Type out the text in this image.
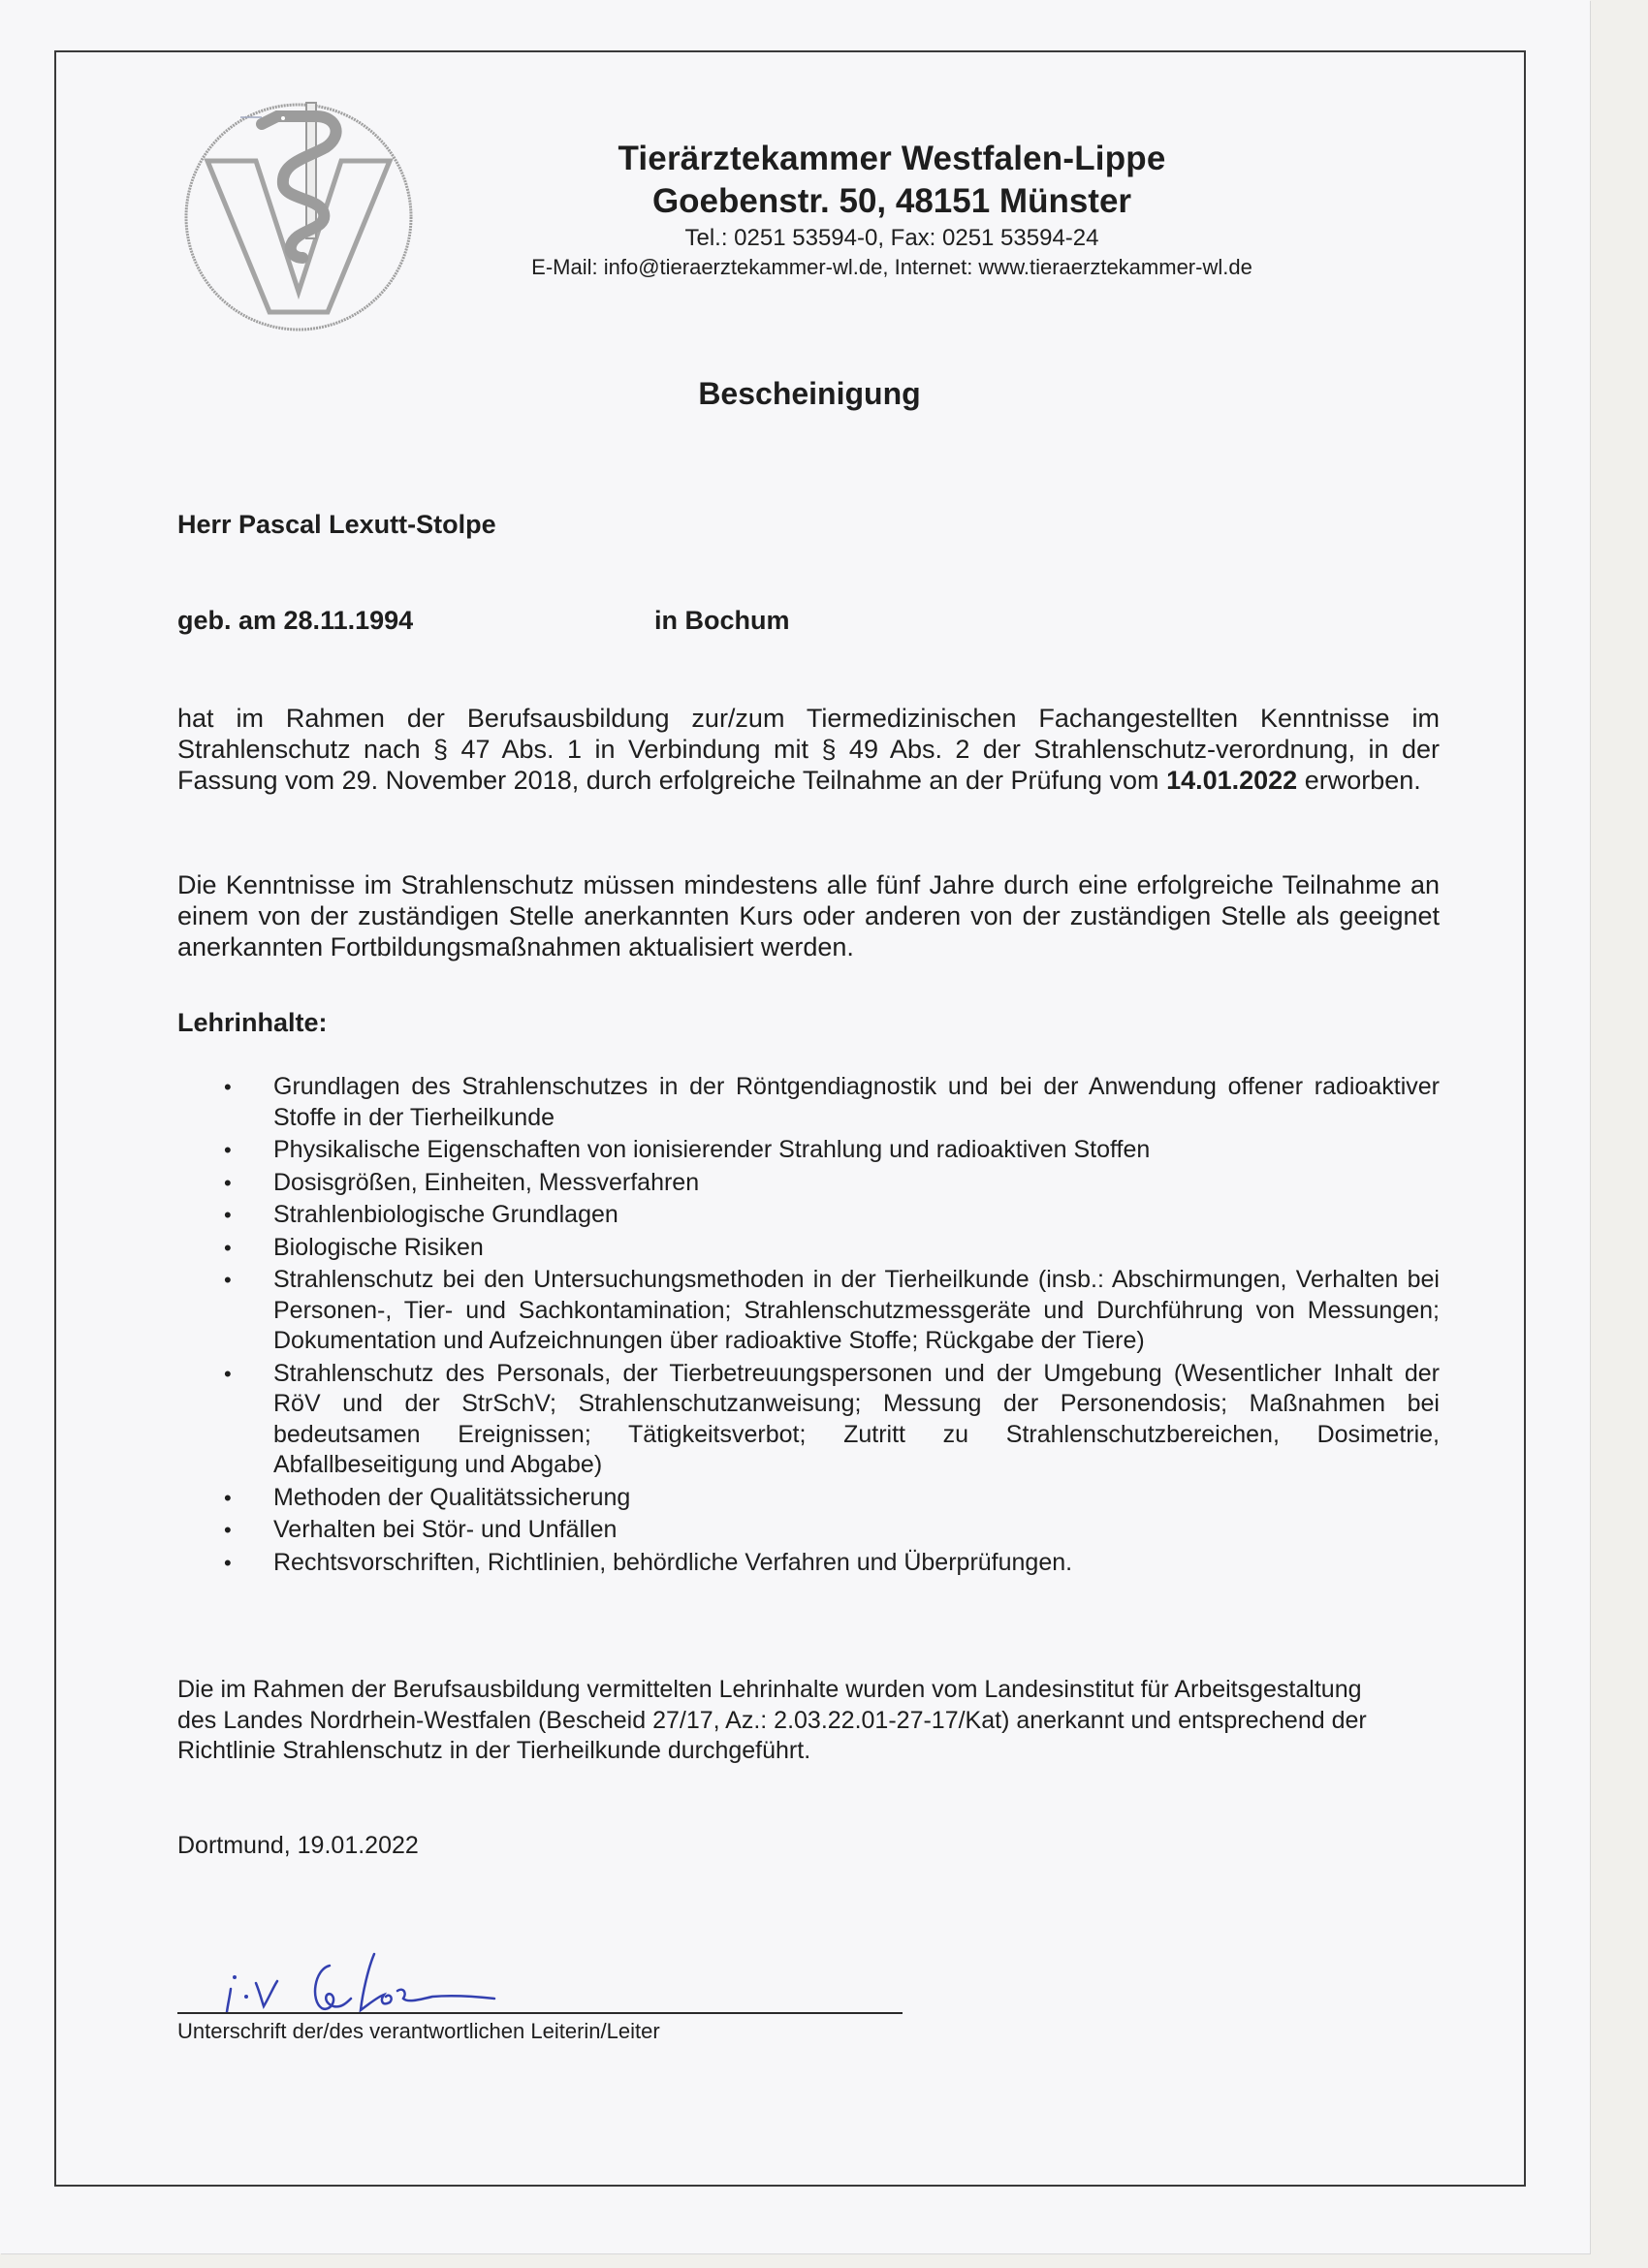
Tierärztekammer Westfalen-Lippe
Goebenstr. 50, 48151 Münster
Tel.: 0251 53594-0, Fax: 0251 53594-24
E-Mail: info@tieraerztekammer-wl.de, Internet: www.tieraerztekammer-wl.de
Bescheinigung
Herr Pascal Lexutt-Stolpe
geb. am 28.11.1994	in Bochum
hat im Rahmen der Berufsausbildung zur/zum Tiermedizinischen Fachangestellten Kenntnisse im Strahlenschutz nach § 47 Abs. 1 in Verbindung mit § 49 Abs. 2 der Strahlenschutz-verordnung, in der Fassung vom 29. November 2018, durch erfolgreiche Teilnahme an der Prüfung vom 14.01.2022 erworben.
Die Kenntnisse im Strahlenschutz müssen mindestens alle fünf Jahre durch eine erfolgreiche Teilnahme an einem von der zuständigen Stelle anerkannten Kurs oder anderen von der zuständigen Stelle als geeignet anerkannten Fortbildungsmaßnahmen aktualisiert werden.
Lehrinhalte:
• Grundlagen des Strahlenschutzes in der Röntgendiagnostik und bei der Anwendung offener radioaktiver Stoffe in der Tierheilkunde
• Physikalische Eigenschaften von ionisierender Strahlung und radioaktiven Stoffen
• Dosisgrößen, Einheiten, Messverfahren
• Strahlenbiologische Grundlagen
• Biologische Risiken
• Strahlenschutz bei den Untersuchungsmethoden in der Tierheilkunde (insb.: Abschirmungen, Verhalten bei Personen-, Tier- und Sachkontamination; Strahlenschutzmessgeräte und Durchführung von Messungen; Dokumentation und Aufzeichnungen über radioaktive Stoffe; Rückgabe der Tiere)
• Strahlenschutz des Personals, der Tierbetreuungspersonen und der Umgebung (Wesentlicher Inhalt der RöV und der StrSchV; Strahlenschutzanweisung; Messung der Personendosis; Maßnahmen bei bedeutsamen Ereignissen; Tätigkeitsverbot; Zutritt zu Strahlenschutzbereichen, Dosimetrie, Abfallbeseitigung und Abgabe)
• Methoden der Qualitätssicherung
• Verhalten bei Stör- und Unfällen
• Rechtsvorschriften, Richtlinien, behördliche Verfahren und Überprüfungen.
Die im Rahmen der Berufsausbildung vermittelten Lehrinhalte wurden vom Landesinstitut für Arbeitsgestaltung des Landes Nordrhein-Westfalen (Bescheid 27/17, Az.: 2.03.22.01-27-17/Kat) anerkannt und entsprechend der Richtlinie Strahlenschutz in der Tierheilkunde durchgeführt.
Dortmund, 19.01.2022
Unterschrift der/des verantwortlichen Leiterin/Leiter
